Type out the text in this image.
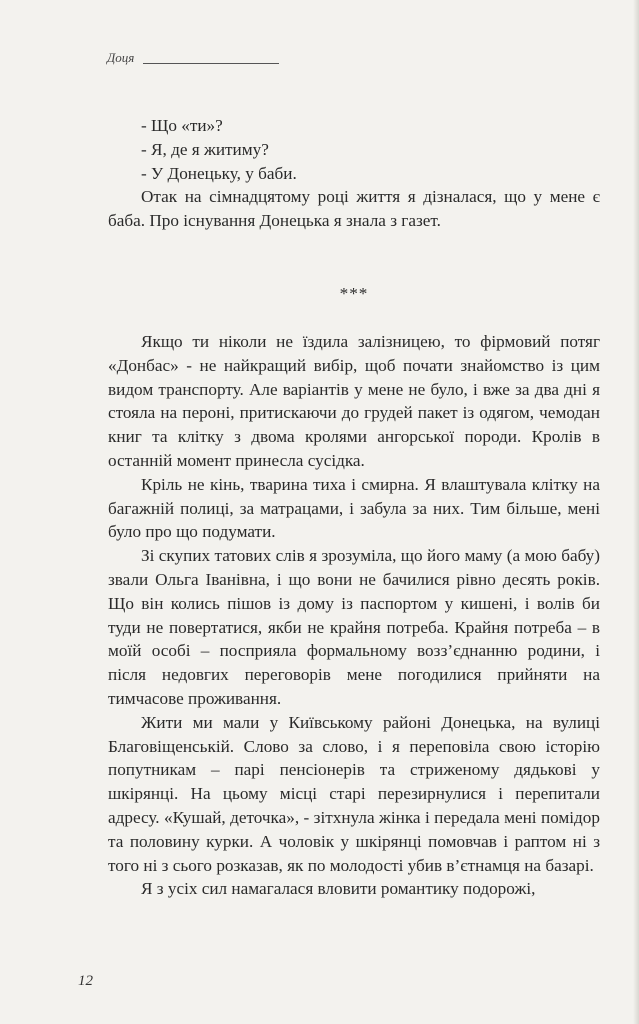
Доця

- Що «ти»?

- Я, де я житиму?

- У Донецьку, у баби.

Отак на сімнадцятому році життя я дізналася, що у мене є баба. Про існування Донецька я знала з газет.

***

Якщо ти ніколи не їздила залізницею, то фірмовий потяг «Донбас» - не найкращий вибір, щоб почати знайомство із цим видом транспорту. Але варіантів у мене не було, і вже за два дні я стояла на пероні, притискаючи до грудей пакет із одягом, чемодан книг та клітку з двома кролями ангорської породи. Кролів в останній момент принесла сусідка.

Кріль не кінь, тварина тиха і смирна. Я влаштувала клітку на багажній полиці, за матрацами, і забула за них. Тим більше, мені було про що подумати.

Зі скупих татових слів я зрозуміла, що його маму (а мою бабу) звали Ольга Іванівна, і що вони не бачилися рівно десять років. Що він колись пішов із дому із паспортом у кишені, і волів би туди не повертатися, якби не крайня потреба. Крайня потреба – в моїй особі – посприяла формальному возз’єднанню родини, і після недовгих переговорів мене погодилися прийняти на тимчасове проживання.

Жити ми мали у Київському районі Донецька, на вулиці Благовіщенській. Слово за слово, і я переповіла свою історію попутникам – парі пенсіонерів та стриженому дядькові у шкірянці. На цьому місці старі перезирнулися і перепитали адресу. «Кушай, деточка», - зітхнула жінка і передала мені помідор та половину курки. А чоловік у шкірянці помовчав і раптом ні з того ні з сього розказав, як по молодості убив в’єтнамця на базарі.

Я з усіх сил намагалася вловити романтику подорожі,

12
